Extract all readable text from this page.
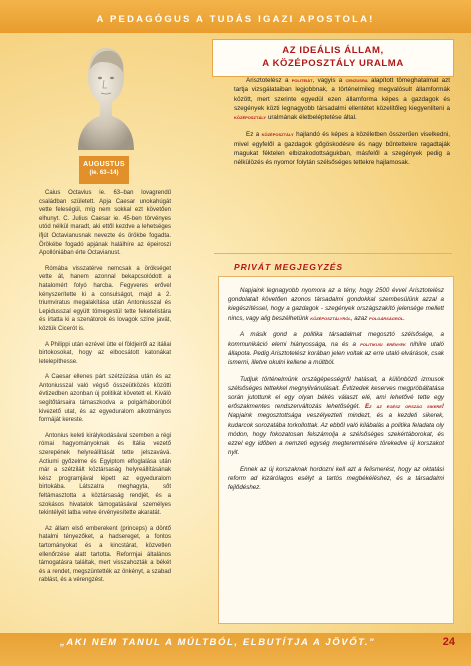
A PEDAGÓGUS A TUDÁS IGAZI APOSTOLA!
AUGUSTUS
(ie. 63–14)

Caius Octavius ie. 63–ban lovagrendű családban született. Apja Caesar unokahúgát vette feleségül, míg nem sokkal ezt követően elhunyt. C. Julius Caesar ie. 45-ben törvényes utód nélkül maradt, aki ettől kezdve a lehetséges ifjút Octavianusnak nevezte és örökbe fogadta. Örökébe fogadó apjának halálhíre az épeiroszi Apollóniában érte Octavianust.

Rómába visszatérve nemcsak a örökséget vette át, hanem azonnal bekapcsolódott a hatalomért folyó harcba. Fegyveres erővel kényszerítette ki a consulságot, majd a 2. triumviratus megalakítása után Antoniusszal és Lepidusszal együtt tömegestül tette feketelistára és írtatta ki a szenátorok és lovagok színe javát, köztük Cicerót is.

A Philippi után ezrével ütte el földjeiről az itáliai birtokosokat, hogy az elbocsátott katonákat letelepíthesse.

A Caesar ellenes párt szétzúzása után és az Antoniusszal való végső összeütközés közötti évtizedben azonban új politikát követett el. Kiváló segítőtársaira támaszkodva a polgárháborúból kivezető utat, és az egyeduralom alkotmányos formáját kereste.

Antonius keleti királykodásával szemben a régi római hagyományoknak és Itália vezető szerepének helyreállítását tette jelszavává. Actiumi győzelme és Egyiptom elfoglalása után már a szétzilált köztársaság helyreállításának kész programjával lépett az egyeduralom birtokába. Látszatra meghagyta, sőt feltámasztotta a köztársaság rendjét, és a szokásos hivatalok támogatásával személyes tekintélyét latba vetve érvényesítette akaratát.

Az állam első emberekent (princeps) a döntő hatalmi tényezőket, a hadsereget, a fontos tartományokat és a kincstárat, közvetlen ellenőrzése alatt tartotta. Reformjai általános támogatásra találtak, mert visszahozták a békét és a rendet, megszüntették az önkényt, a szabad rablást, és a vérengzést.

AZ IDEÁLIS ÁLLAM,
A KÖZÉPOSZTÁLY URALMA

Arisztotelész a politeiát, vagyis a cenzusra alapított tömeghatalmat azt tartja vizsgálataiban legjobbnak, a történelmileg megvalósult államformák között, mert szerinte egyedül ezen államforma képes a gazdagok és szegények közti legnagyobb társadalmi ellentétet közelítőleg kiegyenlíteni a középosztály uralmának életbeléptetése által.

Ez a középosztály hajlandó és képes a közéletben összerűen viselkedni, mivel egyfelől a gazdagok gőgöskodésre és nagy bűntettekre ragadtaják magukat féktelen elbizakodottságukban, másfelől a szegények pedig a nélkülözés és nyomor folytán szélsőséges tettekre hajlamosak.

PRIVÁT MEGJEGYZÉS

Napjaink legnagyobb nyomora az a tény, hogy 2500 évvel Arisztotelész gondolatait követően azonos társadalmi gondokkal szembesülünk azzal a kiegészítéssel, hogy a gazdagok - szegények országszakító jelensége mellett nincs, vagy alig beszélhetünk középosztályról, azaz polgárságról.

A másik gond a politika társadalmat megosztó szélsősége, a kommunikáció elemi hiányossága, na és a politikusi erények nihilre utaló állapota. Pedig Arisztotelész korában jelen voltak az erre utaló elvárások, csak ismerni, illetve okulni kellene a múltból.

Tudjuk történelmünk országépességről hatásait, a különböző izmusok szélsőséges tettekkel megnyilvánulásait. Évtizedek keserves megpróbáltatása során jutottunk el egy olyan békés választ elé, ami lehetővé tette egy erőszakmentes rendszerváltozás lehetőségét. Ez az egész ország sikere! Napjaink megosztottsága veszélyezteti mindezt, és a kezdeti sikerek, kudarcok sorozatába torkollottak. Az ebből való kilábalás a politika feladata oly módon, hogy fokozatosan felszámolja a szélsőséges szekértáborokat, és ezzel egy időben a nemzeti egység megteremtésére törekedve új korszakot nyit.

Ennek az új korszaknak hordozni kell azt a felismerést, hogy az oktatási reform ad kizárólagos esélyt a tartós megbékéléshez, és a társadalmi fejlődéshez.

„AKI NEM TANUL A MÚLTBÓL, ELBUTÍTJA A JÖVŐT."	24
